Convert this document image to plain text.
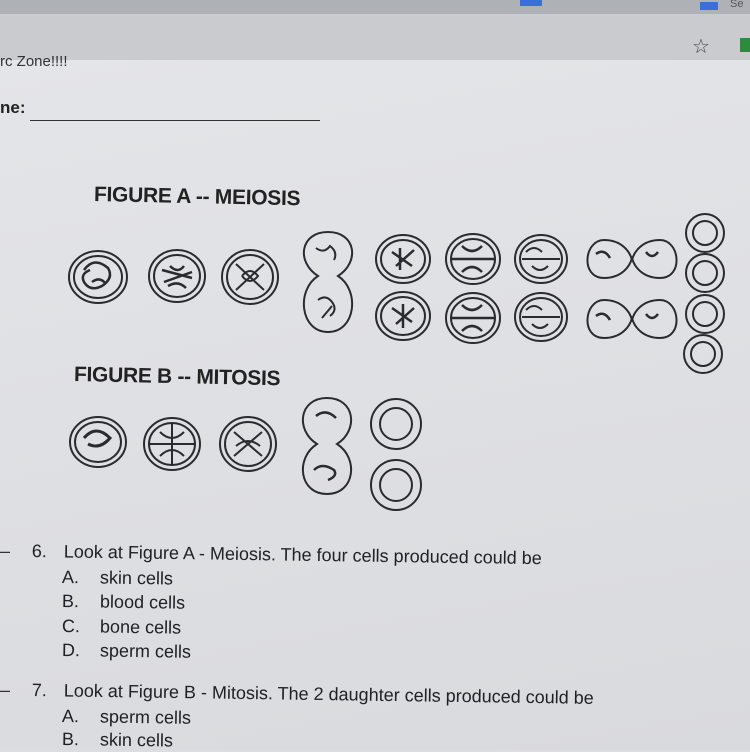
Se
☆
rc Zone!!!!
ne:
FIGURE A -- MEIOSIS
FIGURE B -- MITOSIS
– 6. Look at Figure A - Meiosis. The four cells produced could be
A. skin cells
B. blood cells
C. bone cells
D. sperm cells
– 7. Look at Figure B - Mitosis. The 2 daughter cells produced could be
A. sperm cells
B. skin cells
